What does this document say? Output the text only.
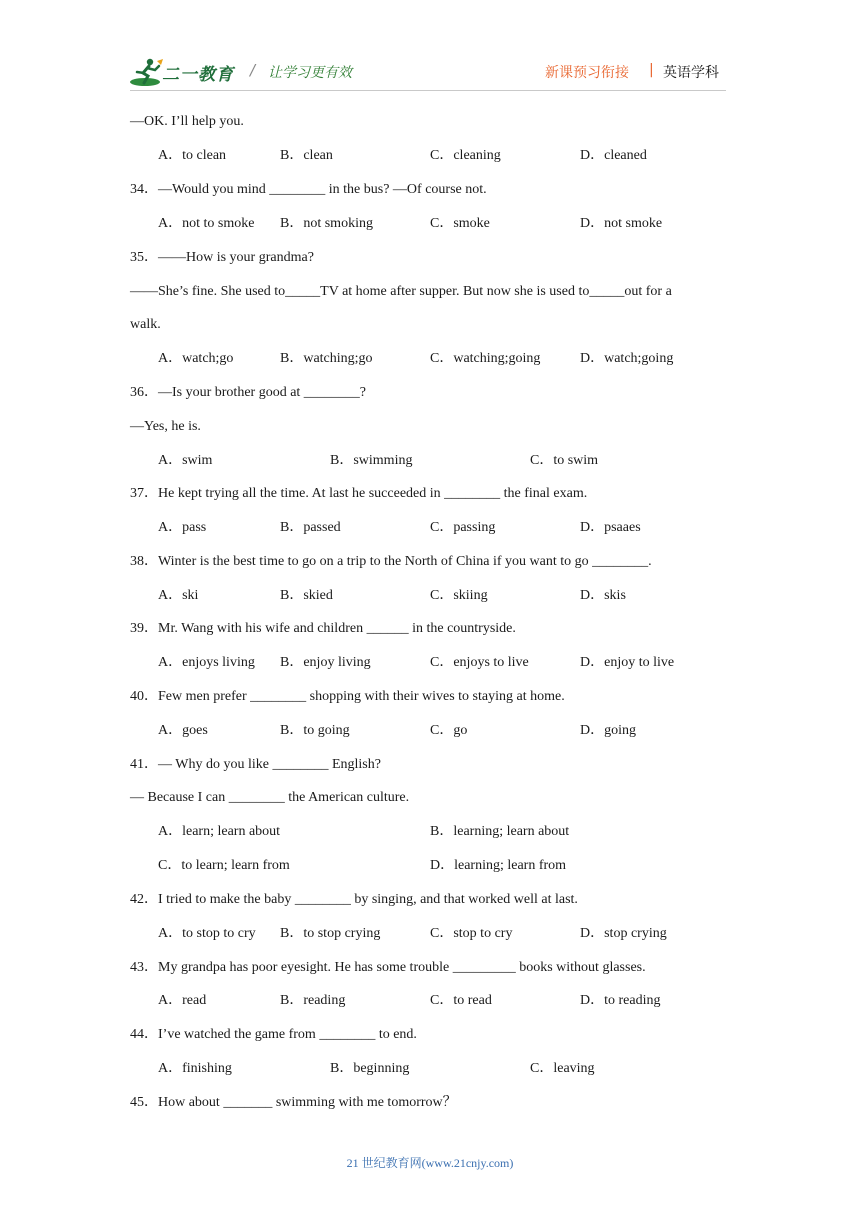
二一教育 / 让学习更有效	新课预习衔接 | 英语学科
—OK. I’ll help you.
A．to clean	B．clean	C．cleaning	D．cleaned
34．—Would you mind ________ in the bus? —Of course not.
A．not to smoke B．not smoking	C．smoke	D．not smoke
35．——How is your grandma?
——She’s fine. She used to_____TV at home after supper. But now she is used to_____out for a
walk.
A．watch;go	B．watching;go	C．watching;going	D．watch;going
36．—Is your brother good at ________?
—Yes, he is.
A．swim	B．swimming	C．to swim
37．He kept trying all the time. At last he succeeded in ________ the final exam.
A．pass	B．passed	C．passing	D．psaaes
38．Winter is the best time to go on a trip to the North of China if you want to go ________.
A．ski	B．skied	C．skiing	D．skis
39．Mr. Wang with his wife and children ______ in the countryside.
A．enjoys living B．enjoy living	C．enjoys to live	D．enjoy to live
40．Few men prefer ________ shopping with their wives to staying at home.
A．goes	B．to going	C．go	D．going
41．— Why do you like ________ English?
— Because I can ________ the American culture.
A．learn; learn about	B．learning; learn about
C．to learn; learn from	D．learning; learn from
42．I tried to make the baby ________ by singing, and that worked well at last.
A．to stop to cry B．to stop crying	C．stop to cry	D．stop crying
43．My grandpa has poor eyesight. He has some trouble _________ books without glasses.
A．read	B．reading	C．to read	D．to reading
44．I’ve watched the game from ________ to end.
A．finishing	B．beginning	C．leaving
45．How about _______ swimming with me tomorrow？
21 世纪教育网(www.21cnjy.com)
